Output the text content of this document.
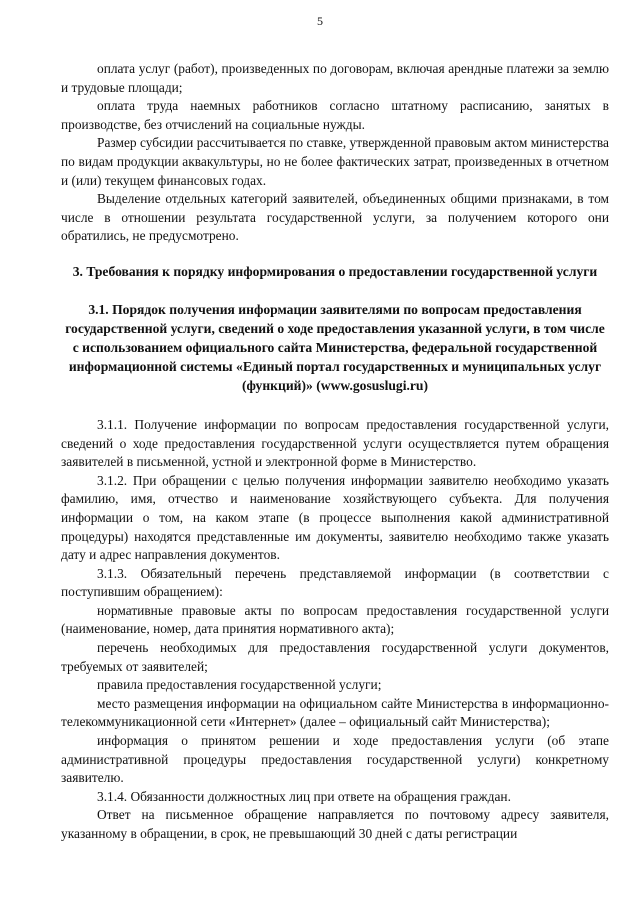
5

оплата услуг (работ), произведенных по договорам, включая арендные платежи за землю и трудовые площади;

оплата труда наемных работников согласно штатному расписанию, занятых в производстве, без отчислений на социальные нужды.

Размер субсидии рассчитывается по ставке, утвержденной правовым актом министерства по видам продукции аквакультуры, но не более фактических затрат, произведенных в отчетном и (или) текущем финансовых годах.

Выделение отдельных категорий заявителей, объединенных общими признаками, в том числе в отношении результата государственной услуги, за получением которого они обратились, не предусмотрено.

3. Требования к порядку информирования о предоставлении государственной услуги

3.1. Порядок получения информации заявителями по вопросам предоставления государственной услуги, сведений о ходе предоставления указанной услуги, в том числе с использованием официального сайта Министерства, федеральной государственной информационной системы «Единый портал государственных и муниципальных услуг (функций)» (www.gosuslugi.ru)

3.1.1. Получение информации по вопросам предоставления государственной услуги, сведений о ходе предоставления государственной услуги осуществляется путем обращения заявителей в письменной, устной и электронной форме в Министерство.

3.1.2. При обращении с целью получения информации заявителю необходимо указать фамилию, имя, отчество и наименование хозяйствующего субъекта. Для получения информации о том, на каком этапе (в процессе выполнения какой административной процедуры) находятся представленные им документы, заявителю необходимо также указать дату и адрес направления документов.

3.1.3. Обязательный перечень представляемой информации (в соответствии с поступившим обращением):

нормативные правовые акты по вопросам предоставления государственной услуги (наименование, номер, дата принятия нормативного акта);

перечень необходимых для предоставления государственной услуги документов, требуемых от заявителей;

правила предоставления государственной услуги;

место размещения информации на официальном сайте Министерства в информационно-телекоммуникационной сети «Интернет» (далее – официальный сайт Министерства);

информация о принятом решении и ходе предоставления услуги (об этапе административной процедуры предоставления государственной услуги) конкретному заявителю.

3.1.4. Обязанности должностных лиц при ответе на обращения граждан.

Ответ на письменное обращение направляется по почтовому адресу заявителя, указанному в обращении, в срок, не превышающий 30 дней с даты регистрации
